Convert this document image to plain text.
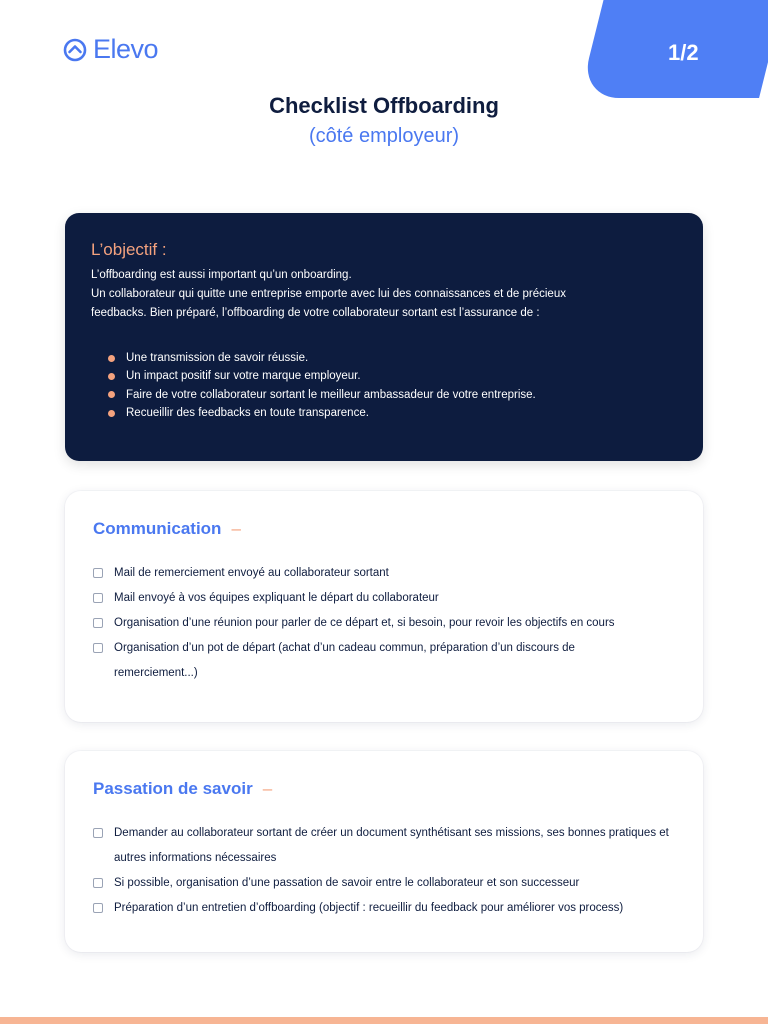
Elevo	1/2
Checklist Offboarding
(côté employeur)
L’objectif :
L’offboarding est aussi important qu’un onboarding.
Un collaborateur qui quitte une entreprise emporte avec lui des connaissances et de précieux
feedbacks. Bien préparé, l’offboarding de votre collaborateur sortant est l’assurance de :
Une transmission de savoir réussie.
Un impact positif sur votre marque employeur.
Faire de votre collaborateur sortant le meilleur ambassadeur de votre entreprise.
Recueillir des feedbacks en toute transparence.
Communication –
Mail de remerciement envoyé au collaborateur sortant
Mail envoyé à vos équipes expliquant le départ du collaborateur
Organisation d’une réunion pour parler de ce départ et, si besoin, pour revoir les objectifs en cours
Organisation d’un pot de départ (achat d’un cadeau commun, préparation d’un discours de remerciement...)
Passation de savoir –
Demander au collaborateur sortant de créer un document synthétisant ses missions, ses bonnes pratiques et autres informations nécessaires
Si possible, organisation d’une passation de savoir entre le collaborateur et son successeur
Préparation d’un entretien d’offboarding (objectif : recueillir du feedback pour améliorer vos process)
